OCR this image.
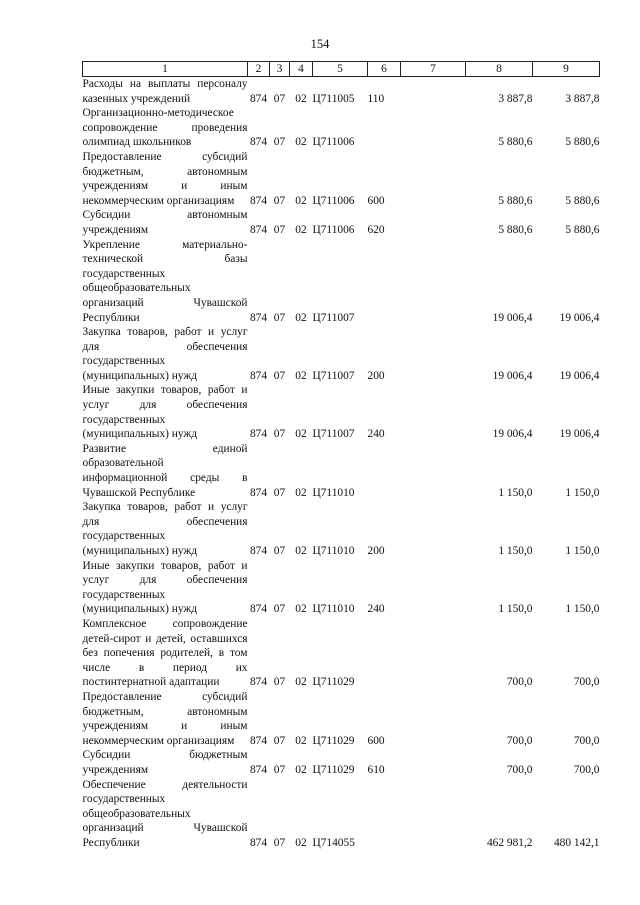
154
1	2	3	4	5	6	7	8	9
Расходы на выплаты персоналу казенных учреждений	874	07	02	Ц711005	110		3 887,8	3 887,8
Организационно-методическое сопровождение проведения олимпиад школьников	874	07	02	Ц711006			5 880,6	5 880,6
Предоставление субсидий бюджетным, автономным учреждениям и иным некоммерческим организациям	874	07	02	Ц711006	600		5 880,6	5 880,6
Субсидии автономным учреждениям	874	07	02	Ц711006	620		5 880,6	5 880,6
Укрепление материально-технической базы государственных общеобразовательных организаций Чувашской Республики	874	07	02	Ц711007			19 006,4	19 006,4
Закупка товаров, работ и услуг для обеспечения государственных (муниципальных) нужд	874	07	02	Ц711007	200		19 006,4	19 006,4
Иные закупки товаров, работ и услуг для обеспечения государственных (муниципальных) нужд	874	07	02	Ц711007	240		19 006,4	19 006,4
Развитие единой образовательной информационной среды в Чувашской Республике	874	07	02	Ц711010			1 150,0	1 150,0
Закупка товаров, работ и услуг для обеспечения государственных (муниципальных) нужд	874	07	02	Ц711010	200		1 150,0	1 150,0
Иные закупки товаров, работ и услуг для обеспечения государственных (муниципальных) нужд	874	07	02	Ц711010	240		1 150,0	1 150,0
Комплексное сопровождение детей-сирот и детей, оставшихся без попечения родителей, в том числе в период их постинтернатной адаптации	874	07	02	Ц711029			700,0	700,0
Предоставление субсидий бюджетным, автономным учреждениям и иным некоммерческим организациям	874	07	02	Ц711029	600		700,0	700,0
Субсидии бюджетным учреждениям	874	07	02	Ц711029	610		700,0	700,0
Обеспечение деятельности государственных общеобразовательных организаций Чувашской Республики	874	07	02	Ц714055			462 981,2	480 142,1
